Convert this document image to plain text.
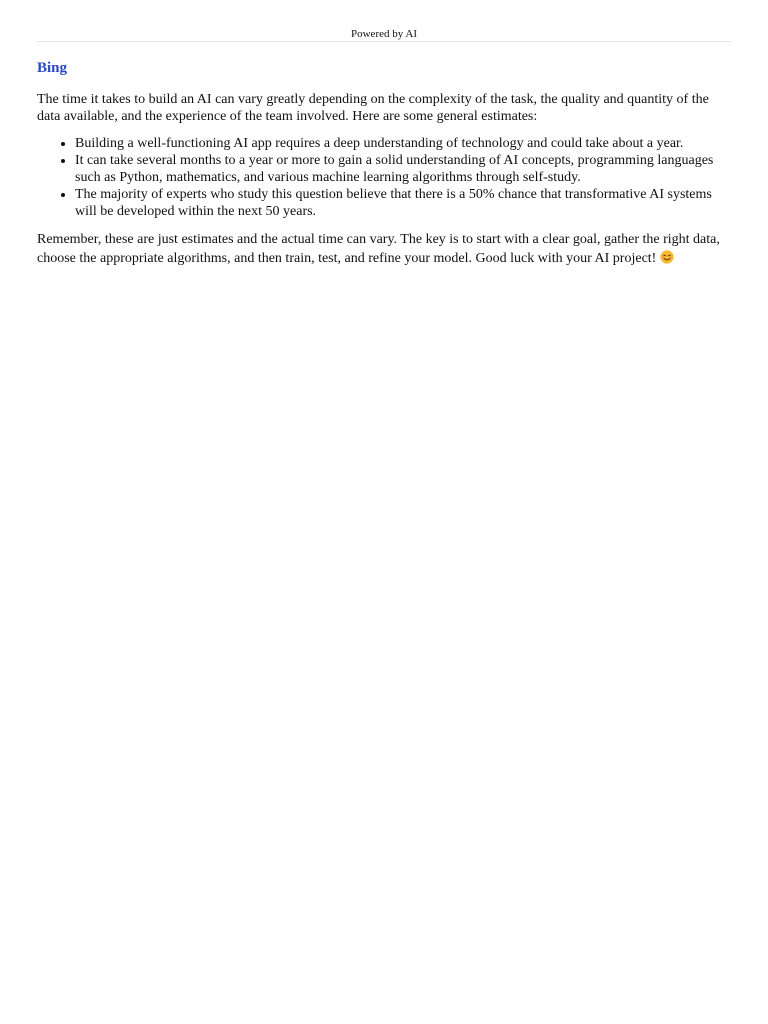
Powered by AI
Bing

The time it takes to build an AI can vary greatly depending on the complexity of the task, the quality and quantity of the data available, and the experience of the team involved. Here are some general estimates:

• Building a well-functioning AI app requires a deep understanding of technology and could take about a year.
• It can take several months to a year or more to gain a solid understanding of AI concepts, programming languages such as Python, mathematics, and various machine learning algorithms through self-study.
• The majority of experts who study this question believe that there is a 50% chance that transformative AI systems will be developed within the next 50 years.

Remember, these are just estimates and the actual time can vary. The key is to start with a clear goal, gather the right data, choose the appropriate algorithms, and then train, test, and refine your model. Good luck with your AI project!
